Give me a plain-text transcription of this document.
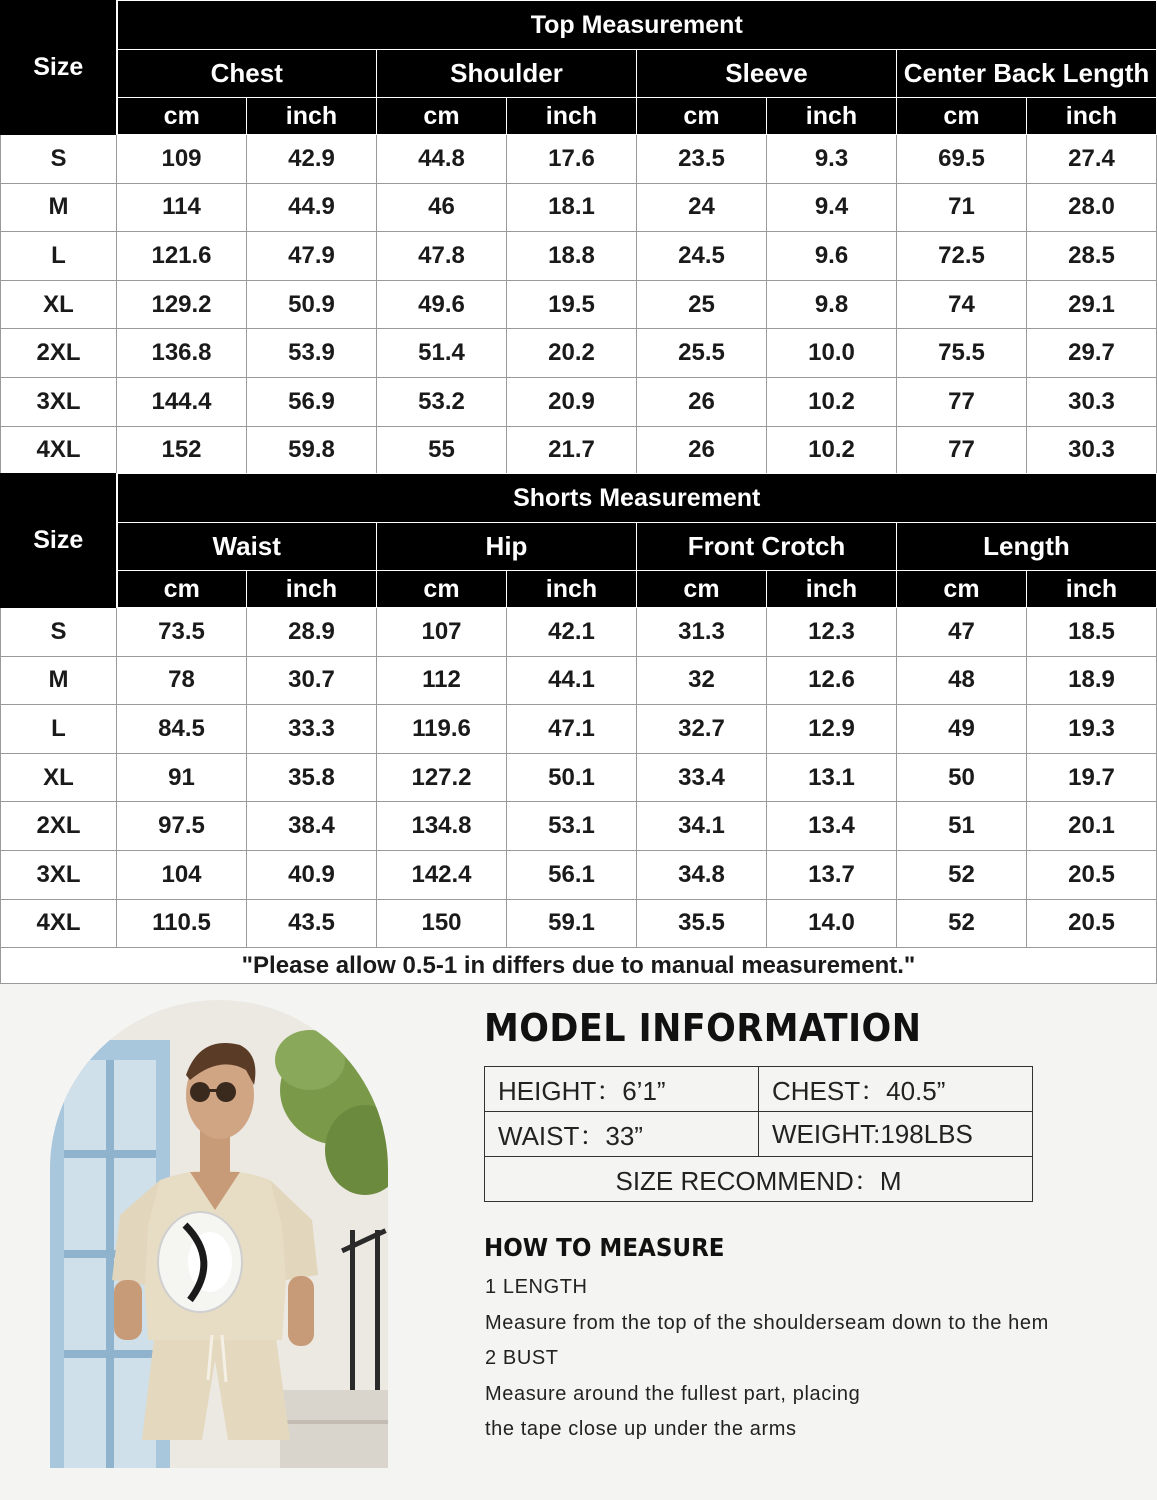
Size	Top Measurement							
	Chest		Shoulder		Sleeve		Center Back Length	
	cm	inch	cm	inch	cm	inch	cm	inch
S	109	42.9	44.8	17.6	23.5	9.3	69.5	27.4
M	114	44.9	46	18.1	24	9.4	71	28.0
L	121.6	47.9	47.8	18.8	24.5	9.6	72.5	28.5
XL	129.2	50.9	49.6	19.5	25	9.8	74	29.1
2XL	136.8	53.9	51.4	20.2	25.5	10.0	75.5	29.7
3XL	144.4	56.9	53.2	20.9	26	10.2	77	30.3
4XL	152	59.8	55	21.7	26	10.2	77	30.3
Size	Shorts Measurement							
	Waist		Hip		Front Crotch		Length	
	cm	inch	cm	inch	cm	inch	cm	inch
S	73.5	28.9	107	42.1	31.3	12.3	47	18.5
M	78	30.7	112	44.1	32	12.6	48	18.9
L	84.5	33.3	119.6	47.1	32.7	12.9	49	19.3
XL	91	35.8	127.2	50.1	33.4	13.1	50	19.7
2XL	97.5	38.4	134.8	53.1	34.1	13.4	51	20.1
3XL	104	40.9	142.4	56.1	34.8	13.7	52	20.5
4XL	110.5	43.5	150	59.1	35.5	14.0	52	20.5
"Please allow 0.5-1 in differs due to manual measurement."
MODEL INFORMATION
HEIGHT：6’1”	CHEST：40.5”
WAIST：33”	WEIGHT:198LBS
SIZE RECOMMEND：M	
HOW TO MEASURE
1 LENGTH
Measure from the top of the shoulderseam down to the hem
2 BUST
Measure around the fullest part, placing
the tape close up under the arms
